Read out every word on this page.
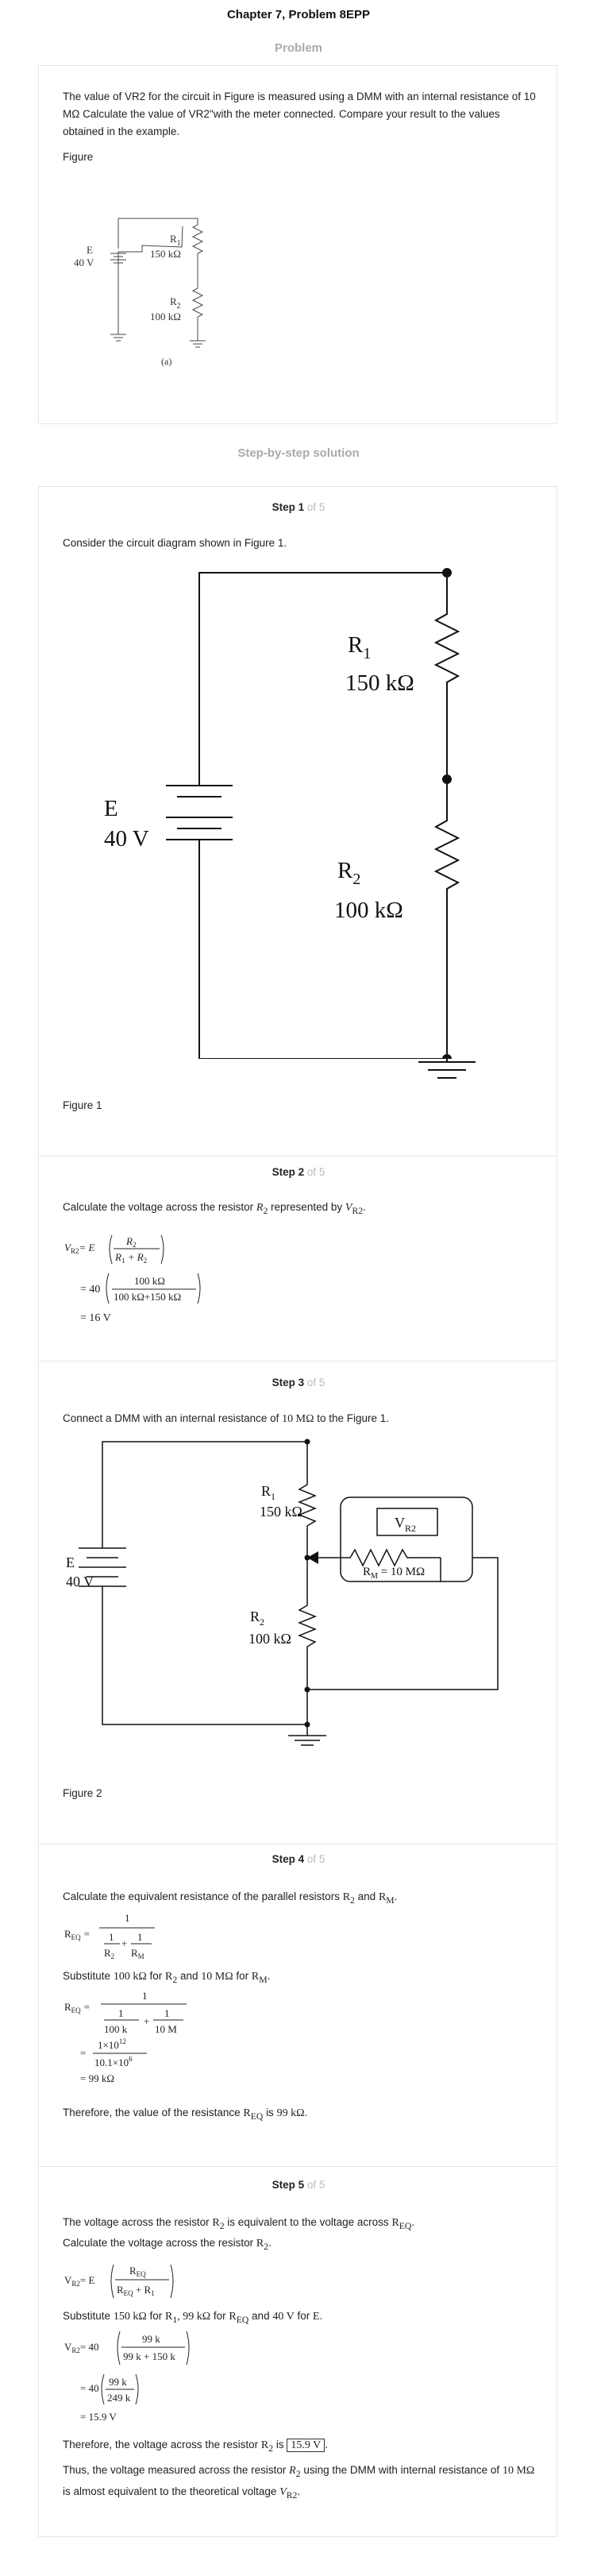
Chapter 7, Problem 8EPP
Problem
The value of VR2 for the circuit in Figure is measured using a DMM with an internal resistance of 10 MΩ Calculate the value of VR2"with the meter connected. Compare your result to the values obtained in the example.
Figure
$R_1$
150 kΩ
$R_2$
100 kΩ
E
40 V
(a)
Step-by-step solution
Step 1 of 5
Consider the circuit diagram shown in Figure 1.
$R_1$
150 kΩ
$R_2$
100 kΩ
E
40 V
Figure 1
Step 2 of 5
Calculate the voltage across the resistor $R_2$ represented by $V_{R2}$.
$V_{R2}= E$
$R_2$
$R_1 + R_2$
= 40
100 kΩ
100 kΩ+150 kΩ
= 16 V
Step 3 of 5
Connect a DMM with an internal resistance of 10 MΩ to the Figure 1.
$R_1$
150 kΩ
$R_2$
100 kΩ
E
40 V
$V_{R2}$
$R_M = 10$ MΩ
Figure 2
Step 4 of 5
Calculate the equivalent resistance of the parallel resistors $R_2$ and $R_M$.
$R_{EQ}$ =
1
1
+
1
$R_2$ $R_M$
Substitute 100 kΩ for $R_2$ and 10 MΩ for $R_M$.
$R_{EQ}$ =
1
1
+
1
100 k	10 M
=
$1\times 10^{12}$
$10.1\times 10^6$
= 99 kΩ
Therefore, the value of the resistance $R_{EQ}$ is 99 kΩ.
Step 5 of 5
The voltage across the resistor $R_2$ is equivalent to the voltage across $R_{EQ}$.
Calculate the voltage across the resistor $R_2$.
$V_{R2}= E$
$R_{EQ}$
$R_{EQ} + R_1$
Substitute 150 kΩ for $R_1$, 99 kΩ for $R_{EQ}$ and 40 V for E.
$V_{R2}= 40$
99 k
99 k + 150 k
= 40
99 k
249 k
= 15.9 V
Therefore, the voltage across the resistor $R_2$ is 15.9 V .
Thus, the voltage measured across the resistor $R_2$ using the DMM with internal resistance of 10 MΩ is almost equivalent to the theoretical voltage $V_{R2}$.
